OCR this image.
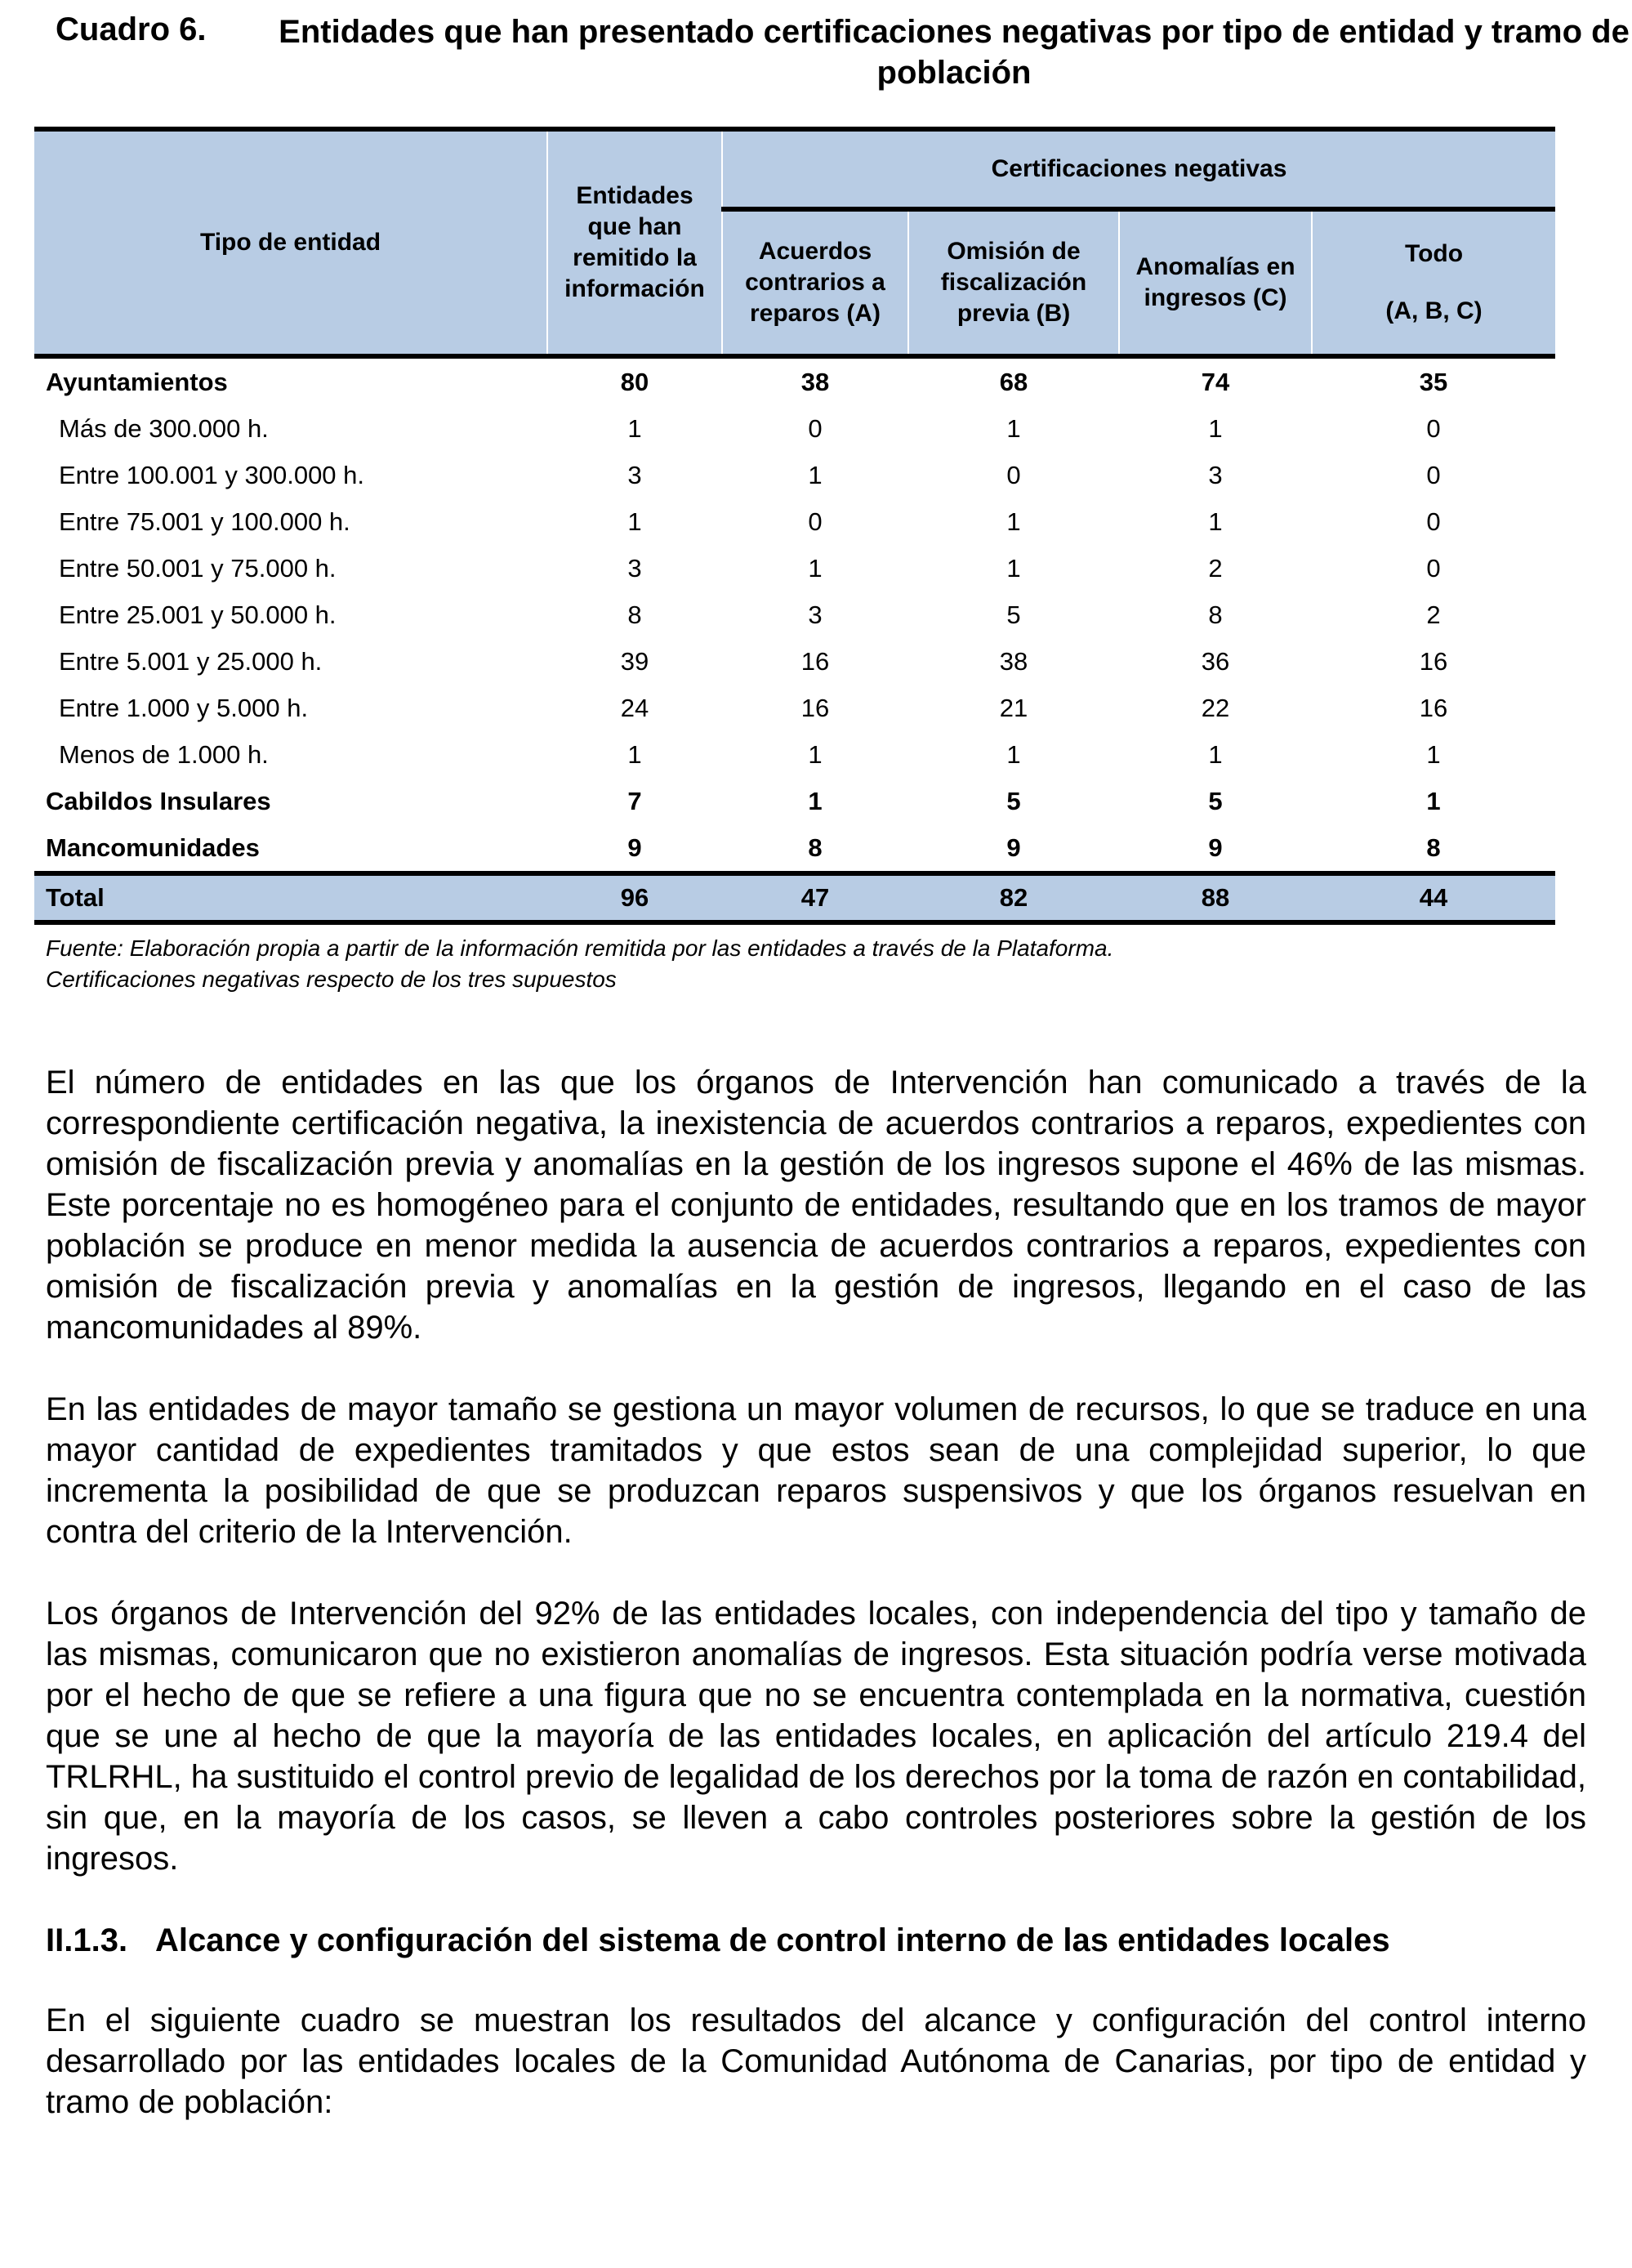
Cuadro 6. Entidades que han presentado certificaciones negativas por tipo de entidad y tramo de población
Tipo de entidad	Entidades que han remitido la información	Certificaciones negativas			
		Acuerdos contrarios a reparos (A)	Omisión de fiscalización previa (B)	Anomalías en ingresos (C)	Todo
(A, B, C)

Ayuntamientos	80	38	68	74	35
Más de 300.000 h.	1	0	1	1	0
Entre 100.001 y 300.000 h.	3	1	0	3	0
Entre 75.001 y 100.000 h.	1	0	1	1	0
Entre 50.001 y 75.000 h.	3	1	1	2	0
Entre 25.001 y 50.000 h.	8	3	5	8	2
Entre 5.001 y 25.000 h.	39	16	38	36	16
Entre 1.000 y 5.000 h.	24	16	21	22	16
Menos de 1.000 h.	1	1	1	1	1
Cabildos Insulares	7	1	5	5	1
Mancomunidades	9	8	9	9	8
Total	96	47	82	88	44
Fuente: Elaboración propia a partir de la información remitida por las entidades a través de la Plataforma.
Certificaciones negativas respecto de los tres supuestos

El número de entidades en las que los órganos de Intervención han comunicado a través de la correspondiente certificación negativa, la inexistencia de acuerdos contrarios a reparos, expedientes con omisión de fiscalización previa y anomalías en la gestión de los ingresos supone el 46% de las mismas. Este porcentaje no es homogéneo para el conjunto de entidades, resultando que en los tramos de mayor población se produce en menor medida la ausencia de acuerdos contrarios a reparos, expedientes con omisión de fiscalización previa y anomalías en la gestión de ingresos, llegando en el caso de las mancomunidades al 89%.

En las entidades de mayor tamaño se gestiona un mayor volumen de recursos, lo que se traduce en una mayor cantidad de expedientes tramitados y que estos sean de una complejidad superior, lo que incrementa la posibilidad de que se produzcan reparos suspensivos y que los órganos resuelvan en contra del criterio de la Intervención.

Los órganos de Intervención del 92% de las entidades locales, con independencia del tipo y tamaño de las mismas, comunicaron que no existieron anomalías de ingresos. Esta situación podría verse motivada por el hecho de que se refiere a una figura que no se encuentra contemplada en la normativa, cuestión que se une al hecho de que la mayoría de las entidades locales, en aplicación del artículo 219.4 del TRLRHL, ha sustituido el control previo de legalidad de los derechos por la toma de razón en contabilidad, sin que, en la mayoría de los casos, se lleven a cabo controles posteriores sobre la gestión de los ingresos.

II.1.3. Alcance y configuración del sistema de control interno de las entidades locales

En el siguiente cuadro se muestran los resultados del alcance y configuración del control interno desarrollado por las entidades locales de la Comunidad Autónoma de Canarias, por tipo de entidad y tramo de población:
